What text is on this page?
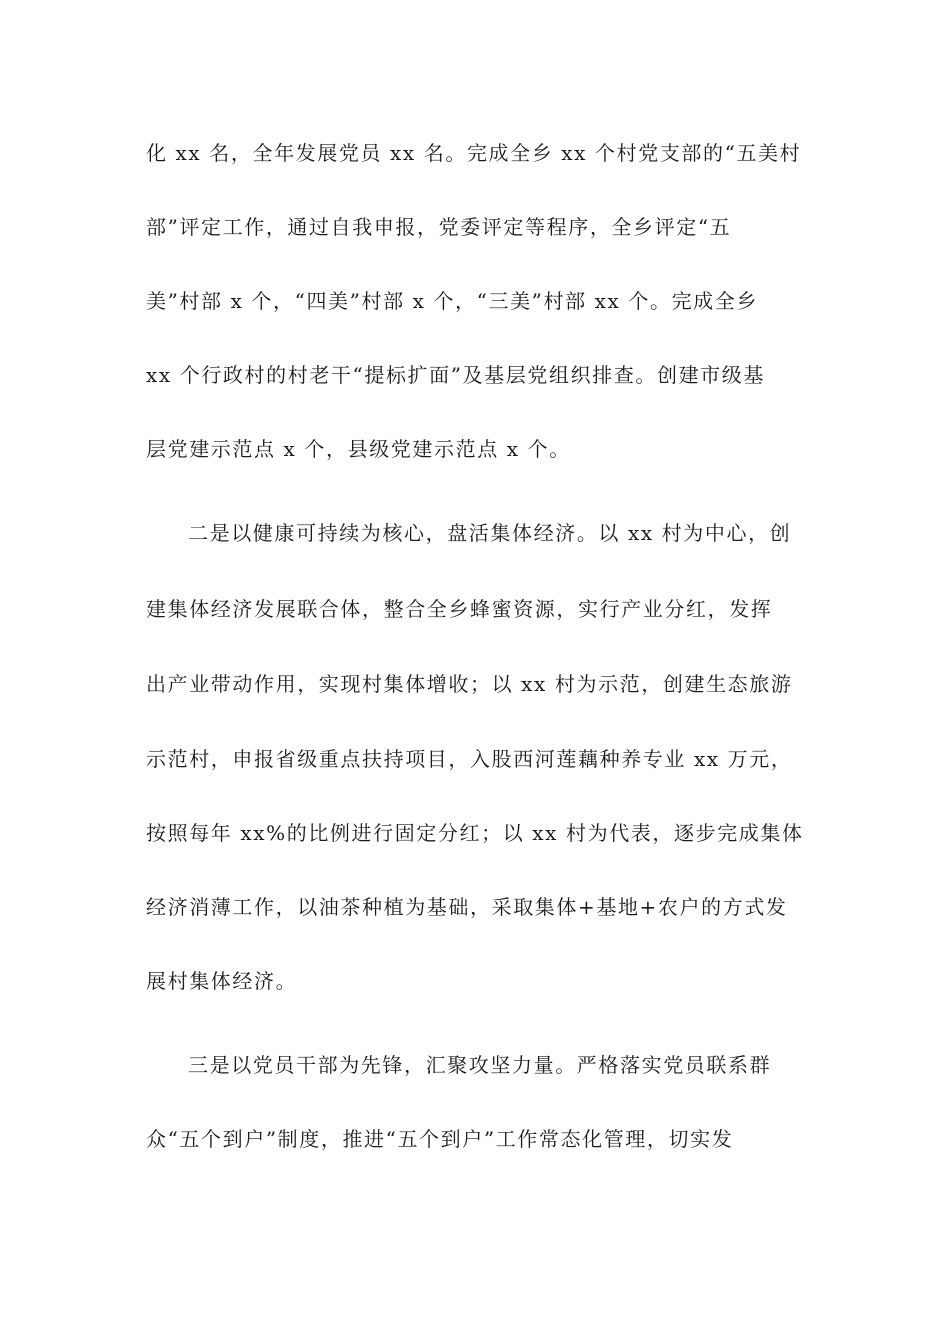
化 xx 名，全年发展党员 xx 名。完成全乡 xx 个村党支部的“五美村
部”评定工作，通过自我申报，党委评定等程序，全乡评定“五
美”村部 x 个，“四美”村部 x 个，“三美”村部 xx 个。完成全乡
xx 个行政村的村老干“提标扩面”及基层党组织排查。创建市级基
层党建示范点 x 个，县级党建示范点 x 个。
二是以健康可持续为核心，盘活集体经济。以 xx 村为中心，创
建集体经济发展联合体，整合全乡蜂蜜资源，实行产业分红，发挥
出产业带动作用，实现村集体增收；以 xx 村为示范，创建生态旅游
示范村，申报省级重点扶持项目，入股西河莲藕种养专业 xx 万元，
按照每年 xx%的比例进行固定分红；以 xx 村为代表，逐步完成集体
经济消薄工作，以油茶种植为基础，采取集体+基地+农户的方式发
展村集体经济。
三是以党员干部为先锋，汇聚攻坚力量。严格落实党员联系群
众“五个到户”制度，推进“五个到户”工作常态化管理，切实发
